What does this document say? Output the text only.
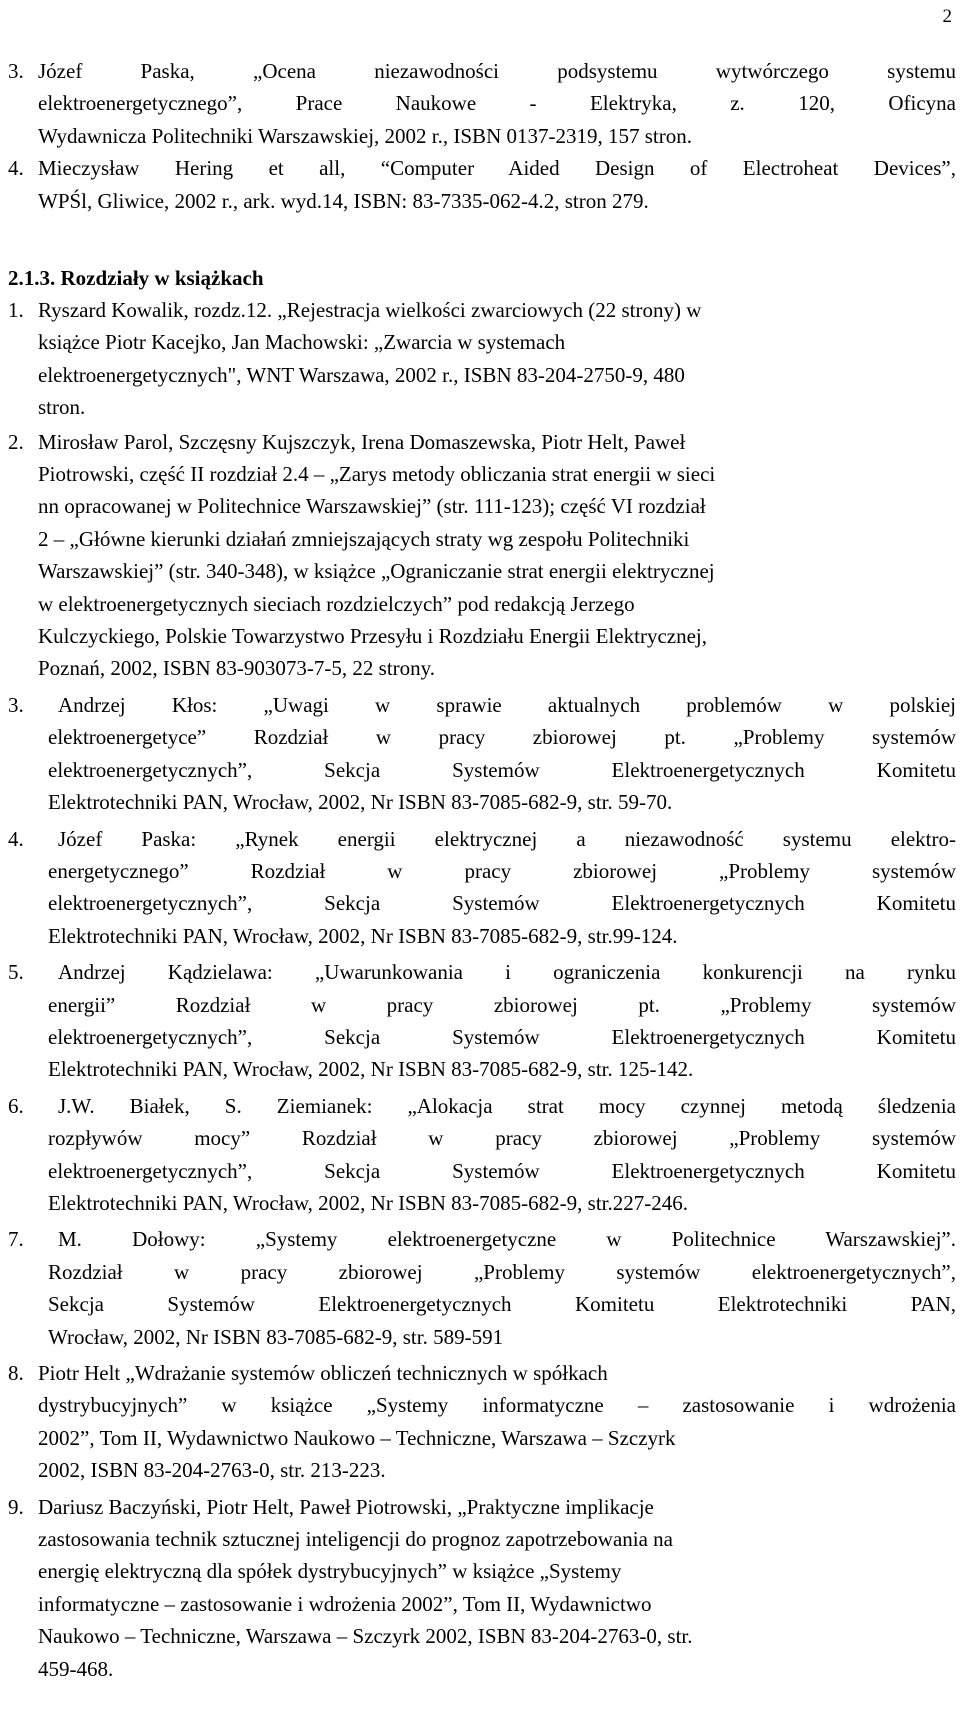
2
3. Józef Paska, „Ocena niezawodności podsystemu wytwórczego systemu
elektroenergetycznego”, Prace Naukowe - Elektryka, z. 120, Oficyna
Wydawnicza Politechniki Warszawskiej, 2002 r., ISBN 0137-2319, 157 stron.
4. Mieczysław Hering et all, “Computer Aided Design of Electroheat Devices”,
WPŚl, Gliwice, 2002 r., ark. wyd.14, ISBN: 83-7335-062-4.2, stron 279.
2.1.3. Rozdziały w książkach
1. Ryszard Kowalik, rozdz.12. „Rejestracja wielkości zwarciowych (22 strony) w
książce Piotr Kacejko, Jan Machowski: „Zwarcia w systemach
elektroenergetycznych", WNT Warszawa, 2002 r., ISBN 83-204-2750-9, 480
stron.
2. Mirosław Parol, Szczęsny Kujszczyk, Irena Domaszewska, Piotr Helt, Paweł
Piotrowski, część II rozdział 2.4 – „Zarys metody obliczania strat energii w sieci
nn opracowanej w Politechnice Warszawskiej” (str. 111-123); część VI rozdział
2 – „Główne kierunki działań zmniejszających straty wg zespołu Politechniki
Warszawskiej” (str. 340-348), w książce „Ograniczanie strat energii elektrycznej
w elektroenergetycznych sieciach rozdzielczych” pod redakcją Jerzego
Kulczyckiego, Polskie Towarzystwo Przesyłu i Rozdziału Energii Elektrycznej,
Poznań, 2002, ISBN 83-903073-7-5, 22 strony.
3.	Andrzej Kłos: „Uwagi w sprawie aktualnych problemów w polskiej
elektroenergetyce” Rozdział w pracy zbiorowej pt. „Problemy systemów
elektroenergetycznych”, Sekcja Systemów Elektroenergetycznych Komitetu
Elektrotechniki PAN, Wrocław, 2002, Nr ISBN 83-7085-682-9, str. 59-70.
4.	Józef Paska: „Rynek energii elektrycznej a niezawodność systemu elektro-
energetycznego” Rozdział w pracy zbiorowej „Problemy systemów
elektroenergetycznych”, Sekcja Systemów Elektroenergetycznych Komitetu
Elektrotechniki PAN, Wrocław, 2002, Nr ISBN 83-7085-682-9, str.99-124.
5.	Andrzej Kądzielawa: „Uwarunkowania i ograniczenia konkurencji na rynku
energii” Rozdział w pracy zbiorowej pt. „Problemy systemów
elektroenergetycznych”, Sekcja Systemów Elektroenergetycznych Komitetu
Elektrotechniki PAN, Wrocław, 2002, Nr ISBN 83-7085-682-9, str. 125-142.
6.	J.W. Białek, S. Ziemianek: „Alokacja strat mocy czynnej metodą śledzenia
rozpływów mocy” Rozdział w pracy zbiorowej „Problemy systemów
elektroenergetycznych”, Sekcja Systemów Elektroenergetycznych Komitetu
Elektrotechniki PAN, Wrocław, 2002, Nr ISBN 83-7085-682-9, str.227-246.
7.	M. Dołowy: „Systemy elektroenergetyczne w Politechnice Warszawskiej”.
Rozdział w pracy zbiorowej „Problemy systemów elektroenergetycznych”,
Sekcja Systemów Elektroenergetycznych Komitetu Elektrotechniki PAN,
Wrocław, 2002, Nr ISBN 83-7085-682-9, str. 589-591
8. Piotr Helt „Wdrażanie systemów obliczeń technicznych w spółkach
dystrybucyjnych” w książce „Systemy informatyczne – zastosowanie i wdrożenia
2002”, Tom II, Wydawnictwo Naukowo – Techniczne, Warszawa – Szczyrk
2002, ISBN 83-204-2763-0, str. 213-223.
9. Dariusz Baczyński, Piotr Helt, Paweł Piotrowski, „Praktyczne implikacje
zastosowania technik sztucznej inteligencji do prognoz zapotrzebowania na
energię elektryczną dla spółek dystrybucyjnych” w książce „Systemy
informatyczne – zastosowanie i wdrożenia 2002”, Tom II, Wydawnictwo
Naukowo – Techniczne, Warszawa – Szczyrk 2002, ISBN 83-204-2763-0, str.
459-468.
